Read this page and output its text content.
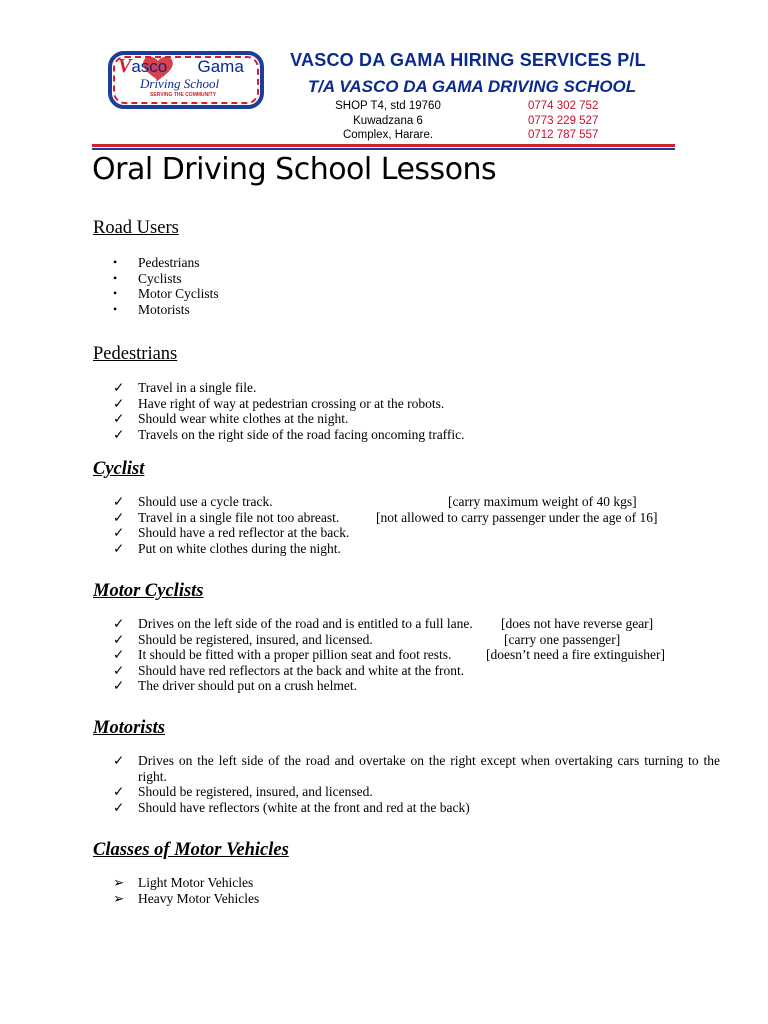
Vasco Da Gama
Driving School
SERVING THE COMMUNITY
VASCO DA GAMA HIRING SERVICES P/L
T/A VASCO DA GAMA DRIVING SCHOOL
SHOP T4, std 19760
Kuwadzana 6
Complex, Harare.
0774 302 752
0773 229 527
0712 787 557
Oral Driving School Lessons
Road Users
• Pedestrians
• Cyclists
• Motor Cyclists
• Motorists
Pedestrians
✓ Travel in a single file.
✓ Have right of way at pedestrian crossing or at the robots.
✓ Should wear white clothes at the night.
✓ Travels on the right side of the road facing oncoming traffic.
Cyclist
✓ Should use a cycle track.	[carry maximum weight of 40 kgs]
✓ Travel in a single file not too abreast.	[not allowed to carry passenger under the age of 16]
✓ Should have a red reflector at the back.
✓ Put on white clothes during the night.
Motor Cyclists
✓ Drives on the left side of the road and is entitled to a full lane. [does not have reverse gear]
✓ Should be registered, insured, and licensed.	[carry one passenger]
✓ It should be fitted with a proper pillion seat and foot rests.	[doesn’t need a fire extinguisher]
✓ Should have red reflectors at the back and white at the front.
✓ The driver should put on a crush helmet.
Motorists
✓ Drives on the left side of the road and overtake on the right except when overtaking cars turning to the right.
✓ Should be registered, insured, and licensed.
✓ Should have reflectors (white at the front and red at the back)
Classes of Motor Vehicles
➢ Light Motor Vehicles
➢ Heavy Motor Vehicles
